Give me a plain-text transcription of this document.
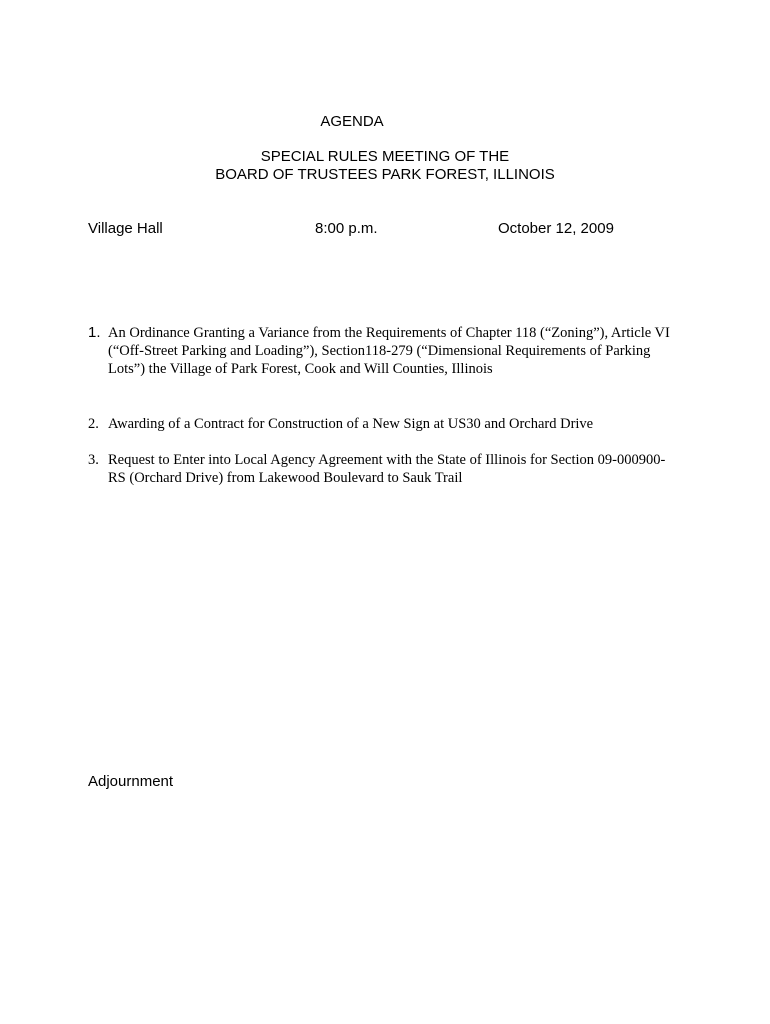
AGENDA
SPECIAL RULES MEETING OF THE
BOARD OF TRUSTEES PARK FOREST, ILLINOIS
Village Hall	8:00 p.m.	October 12, 2009
1. An Ordinance Granting a Variance from the Requirements of Chapter 118 (“Zoning”), Article VI (“Off-Street Parking and Loading”), Section118-279 (“Dimensional Requirements of Parking Lots”) the Village of Park Forest, Cook and Will Counties, Illinois
2. Awarding of a Contract for Construction of a New Sign at US30 and Orchard Drive
3. Request to Enter into Local Agency Agreement with the State of Illinois for Section 09-000900-RS (Orchard Drive) from Lakewood Boulevard to Sauk Trail
Adjournment
